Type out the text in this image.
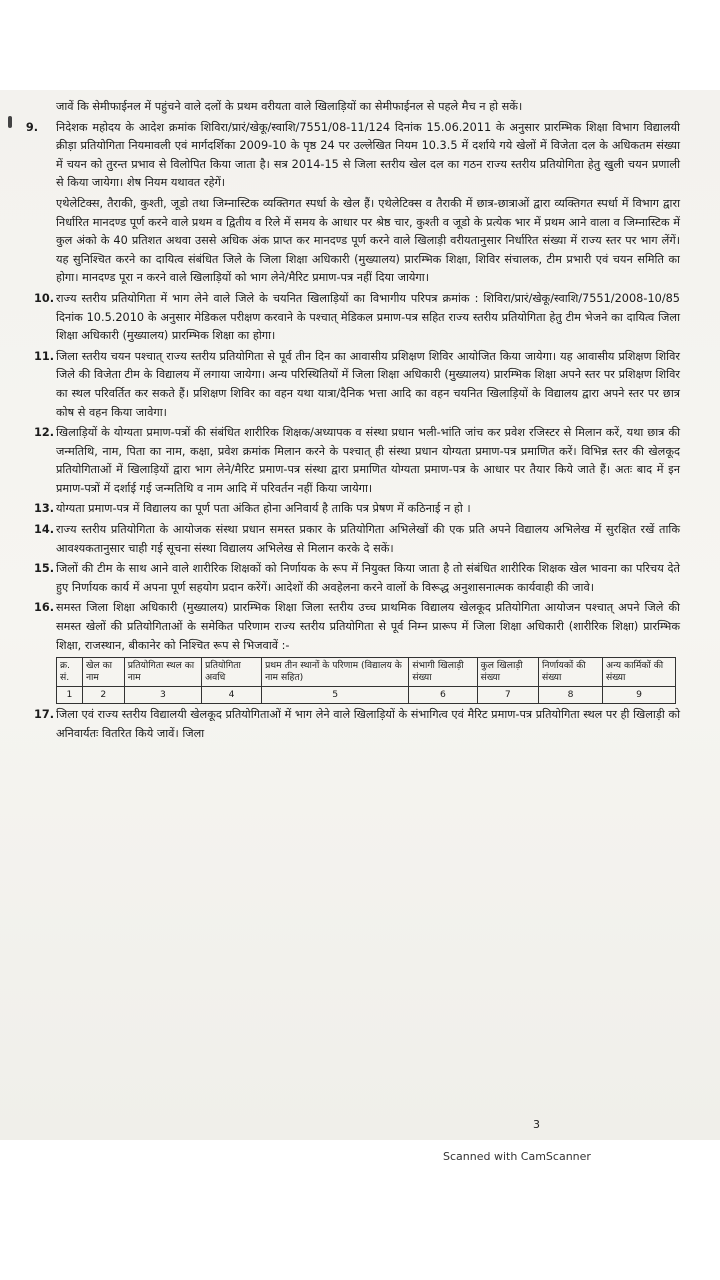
जावें कि सेमीफाईनल में पहुंचने वाले दलों के प्रथम वरीयता वाले खिलाड़ियों का सेमीफाईनल से पहले मैच न हो सकें।

9. निदेशक महोदय के आदेश क्रमांक शिविरा/प्रारं/खेकू/स्वाशि/7551/08-11/124 दिनांक 15.06.2011 के अनुसार प्रारम्भिक शिक्षा विभाग विद्यालयी क्रीड़ा प्रतियोगिता नियमावली एवं मार्गदर्शिका 2009-10 के पृष्ठ 24 पर उल्लेखित नियम 10.3.5 में दर्शाये गये खेलों में विजेता दल के अधिकतम संख्या में चयन को तुरन्त प्रभाव से विलोपित किया जाता है। सत्र 2014-15 से जिला स्तरीय खेल दल का गठन राज्य स्तरीय प्रतियोगिता हेतु खुली चयन प्रणाली से किया जायेगा। शेष नियम यथावत रहेगें।

एथेलेटिक्स, तैराकी, कुश्ती, जूडो तथा जिम्नास्टिक व्यक्तिगत स्पर्धा के खेल हैं। एथेलेटिक्स व तैराकी में छात्र-छात्राओं द्वारा व्यक्तिगत स्पर्धा में विभाग द्वारा निर्धारित मानदण्ड पूर्ण करने वाले प्रथम व द्वितीय व रिले में समय के आधार पर श्रेष्ठ चार, कुश्ती व जूडो के प्रत्येक भार में प्रथम आने वाला व जिम्नास्टिक में कुल अंको के 40 प्रतिशत अथवा उससे अधिक अंक प्राप्त कर मानदण्ड पूर्ण करने वाले खिलाड़ी वरीयतानुसार निर्धारित संख्या में राज्य स्तर पर भाग लेंगें। यह सुनिश्चित करने का दायित्व संबंधित जिले के जिला शिक्षा अधिकारी (मुख्यालय) प्रारम्भिक शिक्षा, शिविर संचालक, टीम प्रभारी एवं चयन समिति का होगा। मानदण्ड पूरा न करने वाले खिलाड़ियों को भाग लेने/मैरिट प्रमाण-पत्र नहीं दिया जायेगा।

10. राज्य स्तरीय प्रतियोगिता में भाग लेने वाले जिले के चयनित खिलाड़ियों का विभागीय परिपत्र क्रमांक : शिविरा/प्रारं/खेकू/स्वाशि/7551/2008-10/85 दिनांक 10.5.2010 के अनुसार मेडिकल परीक्षण करवाने के पश्चात् मेडिकल प्रमाण-पत्र सहित राज्य स्तरीय प्रतियोगिता हेतु टीम भेजने का दायित्व जिला शिक्षा अधिकारी (मुख्यालय) प्रारम्भिक शिक्षा का होगा।

11. जिला स्तरीय चयन पश्चात् राज्य स्तरीय प्रतियोगिता से पूर्व तीन दिन का आवासीय प्रशिक्षण शिविर आयोजित किया जायेगा। यह आवासीय प्रशिक्षण शिविर जिले की विजेता टीम के विद्यालय में लगाया जायेगा। अन्य परिस्थितियों में जिला शिक्षा अधिकारी (मुख्यालय) प्रारम्भिक शिक्षा अपने स्तर पर प्रशिक्षण शिविर का स्थल परिवर्तित कर सकते हैं। प्रशिक्षण शिविर का वहन यथा यात्रा/दैनिक भत्ता आदि का वहन चयनित खिलाड़ियों के विद्यालय द्वारा अपने स्तर पर छात्र कोष से वहन किया जावेगा।

12. खिलाड़ियों के योग्यता प्रमाण-पत्रों की संबंधित शारीरिक शिक्षक/अध्यापक व संस्था प्रधान भली-भांति जांच कर प्रवेश रजिस्टर से मिलान करें, यथा छात्र की जन्मतिथि, नाम, पिता का नाम, कक्षा, प्रवेश क्रमांक मिलान करने के पश्चात् ही संस्था प्रधान योग्यता प्रमाण-पत्र प्रमाणित करें। विभिन्न स्तर की खेलकूद प्रतियोगिताओं में खिलाड़ियों द्वारा भाग लेने/मैरिट प्रमाण-पत्र संस्था द्वारा प्रमाणित योग्यता प्रमाण-पत्र के आधार पर तैयार किये जाते हैं। अतः बाद में इन प्रमाण-पत्रों में दर्शाई गई जन्मतिथि व नाम आदि में परिवर्तन नहीं किया जायेगा।

13. योग्यता प्रमाण-पत्र में विद्यालय का पूर्ण पता अंकित होना अनिवार्य है ताकि पत्र प्रेषण में कठिनाई न हो ।

14. राज्य स्तरीय प्रतियोगिता के आयोजक संस्था प्रधान समस्त प्रकार के प्रतियोगिता अभिलेखों की एक प्रति अपने विद्यालय अभिलेख में सुरक्षित रखें ताकि आवश्यकतानुसार चाही गई सूचना संस्था विद्यालय अभिलेख से मिलान करके दे सकें।

15. जिलों की टीम के साथ आने वाले शारीरिक शिक्षकों को निर्णायक के रूप में नियुक्त किया जाता है तो संबंधित शारीरिक शिक्षक खेल भावना का परिचय देते हुए निर्णायक कार्य में अपना पूर्ण सहयोग प्रदान करेंगें। आदेशों की अवहेलना करने वालों के विरूद्ध अनुशासनात्मक कार्यवाही की जावे।

16. समस्त जिला शिक्षा अधिकारी (मुख्यालय) प्रारम्भिक शिक्षा जिला स्तरीय उच्च प्राथमिक विद्यालय खेलकूद प्रतियोगिता आयोजन पश्चात् अपने जिले की समस्त खेलों की प्रतियोगिताओं के समेकित परिणाम राज्य स्तरीय प्रतियोगिता से पूर्व निम्न प्रारूप में जिला शिक्षा अधिकारी (शारीरिक शिक्षा) प्रारम्भिक शिक्षा, राजस्थान, बीकानेर को निश्चित रूप से भिजवावें :-

क्र. सं.	खेल का नाम	प्रतियोगिता स्थल का नाम	प्रतियोगिता अवधि	प्रथम तीन स्थानों के परिणाम (विद्यालय के नाम सहित)	संभागी खिलाड़ी संख्या	कुल खिलाड़ी संख्या	निर्णायकों की संख्या	अन्य कार्मिकों की संख्या
1	2	3	4	5	6	7	8	9

17. जिला एवं राज्य स्तरीय विद्यालयी खेलकूद प्रतियोगिताओं में भाग लेने वाले खिलाड़ियों के संभागित्व एवं मैरिट प्रमाण-पत्र प्रतियोगिता स्थल पर ही खिलाड़ी को अनिवार्यतः वितरित किये जावें। जिला

3
Scanned with CamScanner
